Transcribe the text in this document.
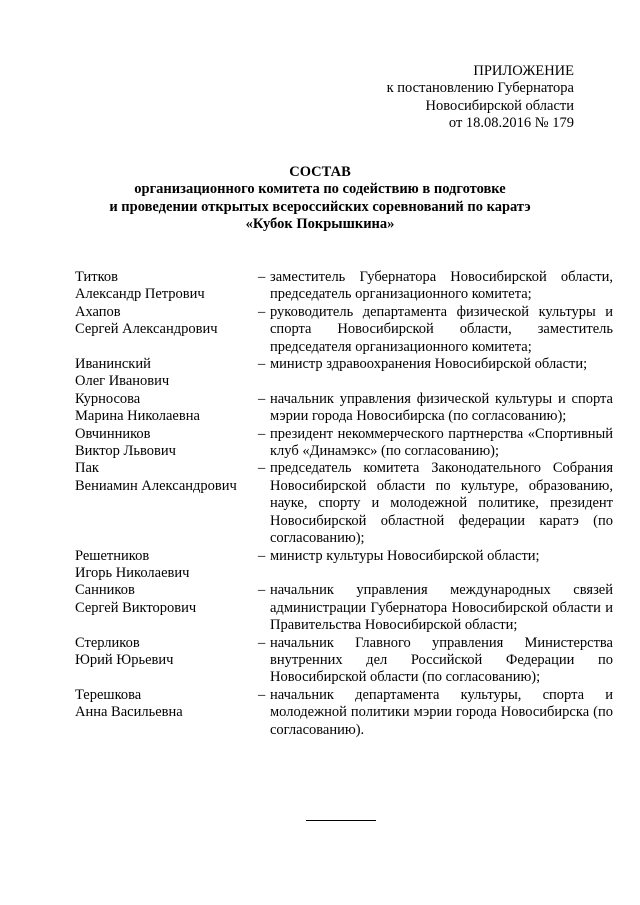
ПРИЛОЖЕНИЕ
к постановлению Губернатора
Новосибирской области
от 18.08.2016 № 179
СОСТАВ
организационного комитета по содействию в подготовке
и проведении открытых всероссийских соревнований по каратэ
«Кубок Покрышкина»
Титков
Александр Петрович
– заместитель Губернатора Новосибирской области, председатель организационного комитета;
Ахапов
Сергей Александрович
– руководитель департамента физической культуры и спорта Новосибирской области, заместитель председателя организационного комитета;
Иванинский
Олег Иванович
– министр здравоохранения Новосибирской области;
Курносова
Марина Николаевна
– начальник управления физической культуры и спорта мэрии города Новосибирска (по согласованию);
Овчинников
Виктор Львович
– президент некоммерческого партнерства «Спортивный клуб «Динамэкс» (по согласованию);
Пак
Вениамин Александрович
– председатель комитета Законодательного Собрания Новосибирской области по культуре, образованию, науке, спорту и молодежной политике, президент Новосибирской областной федерации каратэ (по согласованию);
Решетников
Игорь Николаевич
– министр культуры Новосибирской области;
Санников
Сергей Викторович
– начальник управления международных связей администрации Губернатора Новосибирской области и Правительства Новосибирской области;
Стерликов
Юрий Юрьевич
– начальник Главного управления Министерства внутренних дел Российской Федерации по Новосибирской области (по согласованию);
Терешкова
Анна Васильевна
– начальник департамента культуры, спорта и молодежной политики мэрии города Новосибирска (по согласованию).
